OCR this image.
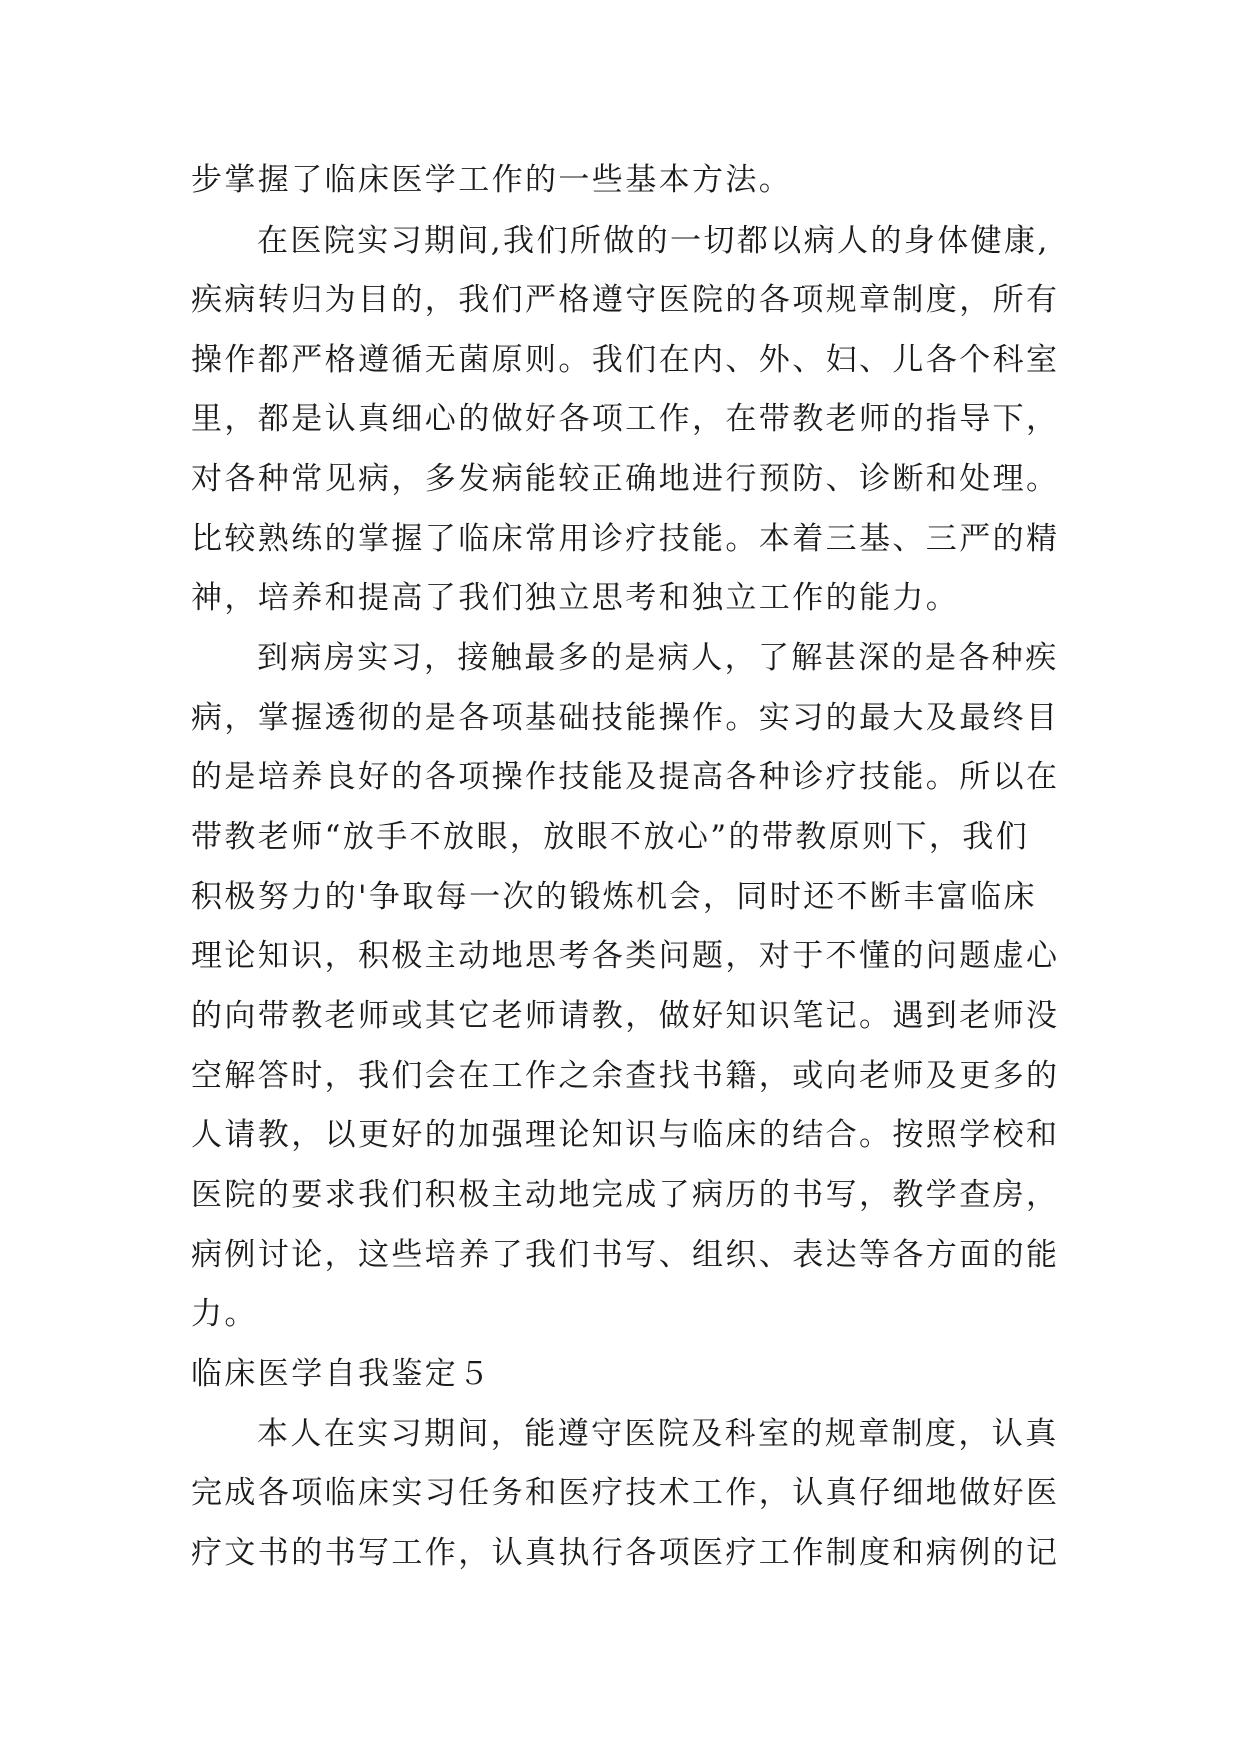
步掌握了临床医学工作的一些基本方法。
在医院实习期间,我们所做的一切都以病人的身体健康,
疾病转归为目的，我们严格遵守医院的各项规章制度，所有
操作都严格遵循无菌原则。我们在内、外、妇、儿各个科室
里，都是认真细心的做好各项工作，在带教老师的指导下，
对各种常见病，多发病能较正确地进行预防、诊断和处理。
比较熟练的掌握了临床常用诊疗技能。本着三基、三严的精
神，培养和提高了我们独立思考和独立工作的能力。
到病房实习，接触最多的是病人，了解甚深的是各种疾
病，掌握透彻的是各项基础技能操作。实习的最大及最终目
的是培养良好的各项操作技能及提高各种诊疗技能。所以在
带教老师“放手不放眼，放眼不放心”的带教原则下，我们
积极努力的'争取每一次的锻炼机会，同时还不断丰富临床
理论知识，积极主动地思考各类问题，对于不懂的问题虚心
的向带教老师或其它老师请教，做好知识笔记。遇到老师没
空解答时，我们会在工作之余查找书籍，或向老师及更多的
人请教，以更好的加强理论知识与临床的结合。按照学校和
医院的要求我们积极主动地完成了病历的书写，教学查房，
病例讨论，这些培养了我们书写、组织、表达等各方面的能
力。
临床医学自我鉴定５
本人在实习期间，能遵守医院及科室的规章制度，认真
完成各项临床实习任务和医疗技术工作，认真仔细地做好医
疗文书的书写工作，认真执行各项医疗工作制度和病例的记
